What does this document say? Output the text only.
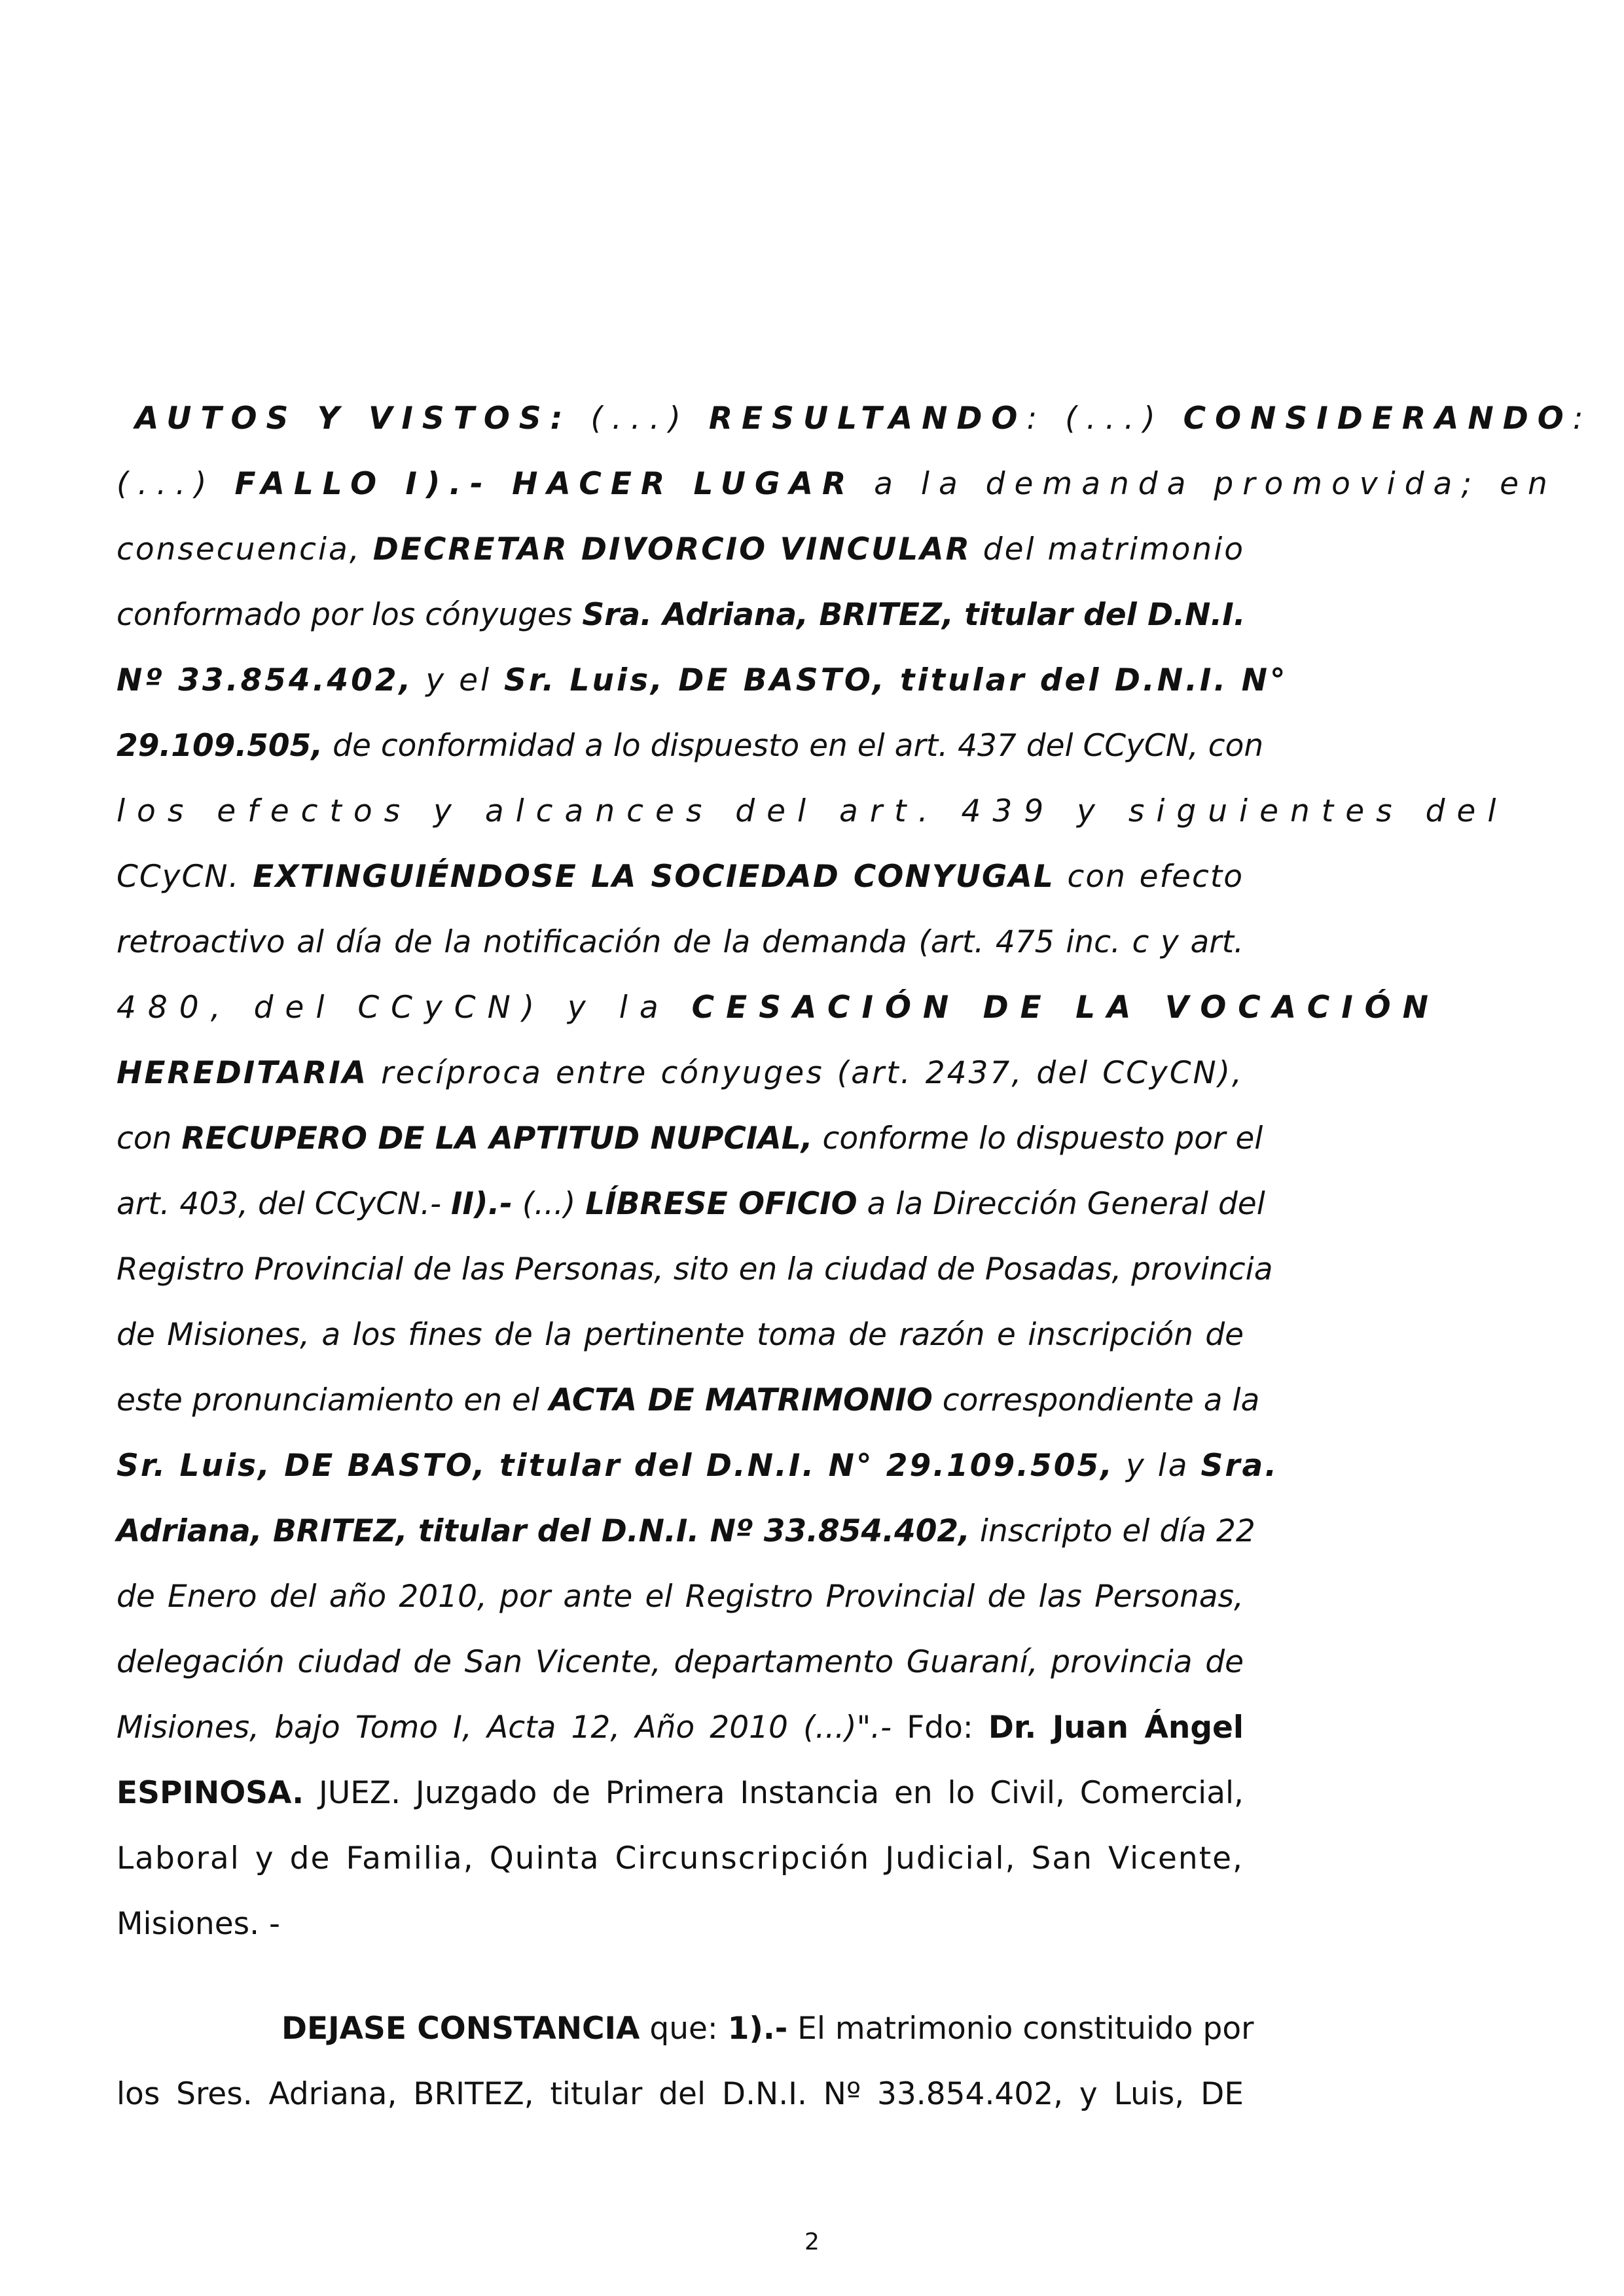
AUTOS Y VISTOS: (...) RESULTANDO: (...) CONSIDERANDO:
(...) FALLO I).- HACER LUGAR a la demanda promovida; en
consecuencia, DECRETAR DIVORCIO VINCULAR del matrimonio
conformado por los cónyuges Sra. Adriana, BRITEZ, titular del D.N.I.
Nº 33.854.402, y el Sr. Luis, DE BASTO, titular del D.N.I. N°
29.109.505, de conformidad a lo dispuesto en el art. 437 del CCyCN, con
los efectos y alcances del art. 439 y siguientes del
CCyCN. EXTINGUIÉNDOSE LA SOCIEDAD CONYUGAL con efecto
retroactivo al día de la notificación de la demanda (art. 475 inc. c y art.
480, del CCyCN) y la CESACIÓN DE LA VOCACIÓN
HEREDITARIA recíproca entre cónyuges (art. 2437, del CCyCN),
con RECUPERO DE LA APTITUD NUPCIAL, conforme lo dispuesto por el
art. 403, del CCyCN.- II).- (...) LÍBRESE OFICIO a la Dirección General del
Registro Provincial de las Personas, sito en la ciudad de Posadas, provincia
de Misiones, a los fines de la pertinente toma de razón e inscripción de
este pronunciamiento en el ACTA DE MATRIMONIO correspondiente a la
Sr. Luis, DE BASTO, titular del D.N.I. N° 29.109.505, y la Sra.
Adriana, BRITEZ, titular del D.N.I. Nº 33.854.402, inscripto el día 22
de Enero del año 2010, por ante el Registro Provincial de las Personas,
delegación ciudad de San Vicente, departamento Guaraní, provincia de
Misiones, bajo Tomo I, Acta 12, Año 2010 (...)".- Fdo: Dr. Juan Ángel
ESPINOSA. JUEZ. Juzgado de Primera Instancia en lo Civil, Comercial,
Laboral y de Familia, Quinta Circunscripción Judicial, San Vicente,
Misiones. -
DEJASE CONSTANCIA que: 1).- El matrimonio constituido por
los Sres. Adriana, BRITEZ, titular del D.N.I. Nº 33.854.402, y Luis, DE
2
